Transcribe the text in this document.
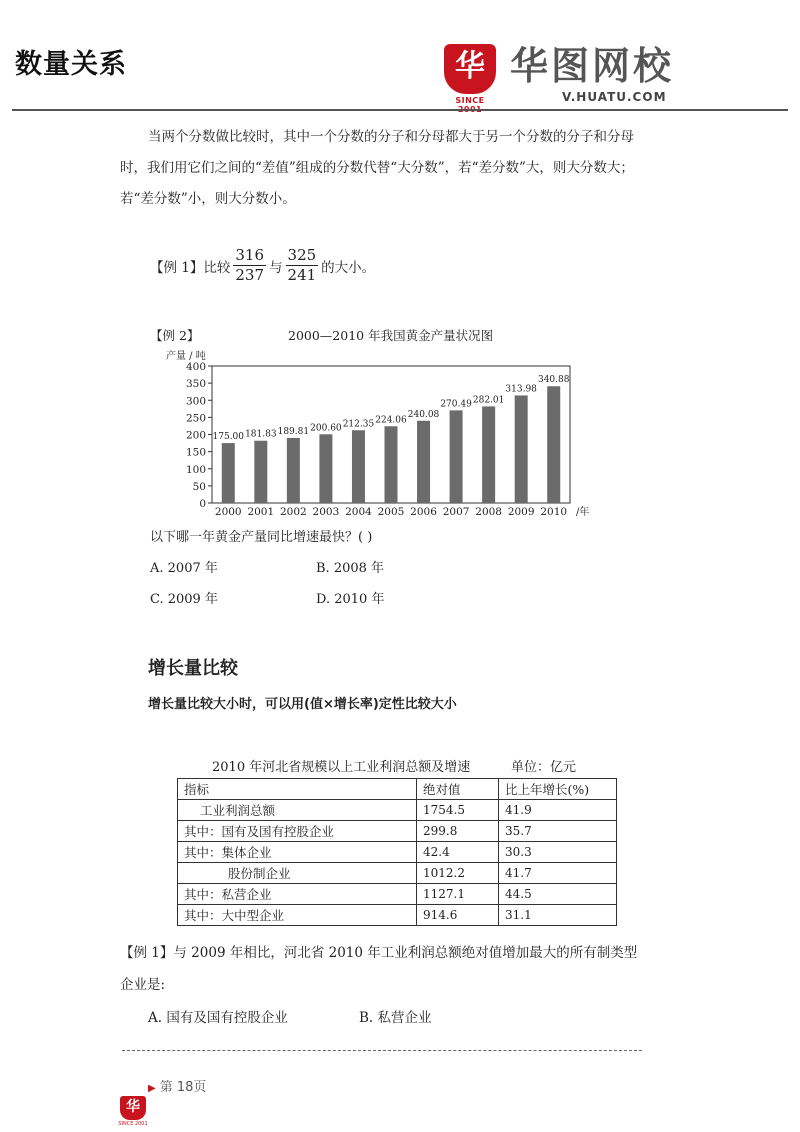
数量关系	华
SINCE
华图网校
V.HUATU.COM

当两个分数做比较时，其中一个分数的分子和分母都大于另一个分数的分子和分母时，我们用它们之间的“差值”组成的分数代替“大分数”，若“差分数”大，则大分数大；若“差分数”小，则大分数小。

【例 1】 比较 $\frac{316}{237}$ 与 $\frac{325}{241}$ 的大小。
【例 2】	2000—2010 年我国黄金产量状况图
产量 / 吨
0
50
100
150
200
250
300
350
400
175.00
2000
181.83
2001
189.81
2002
200.60
2003
212.35
2004
224.06
2005
240.08
2006
270.49
2007
282.01
2008
313.98
2009
340.88
2010 /年
以下哪一年黄金产量同比增速最快？( )
A. 2007 年	B. 2008 年
C. 2009 年	D. 2010 年
增长量比较
增长量比较大小时，可以用(值×增长率)定性比较大小
2010 年河北省规模以上工业利润总额及增速	单位：亿元
指标	绝对值	比上年增长(%)
工业利润总额	1754.5	41.9
其中：国有及国有控股企业	299.8	35.7
其中：集体企业	42.4	30.3
股份制企业	1012.2	41.7
其中：私营企业	1127.1	44.5
其中：大中型企业	914.6	31.1

【例 1】与 2009 年相比，河北省 2010 年工业利润总额绝对值增加最大的所有制类型企业是:

A. 国有及国有控股企业	B. 私营企业
▶ 第 18页
华
SINCE 2001
